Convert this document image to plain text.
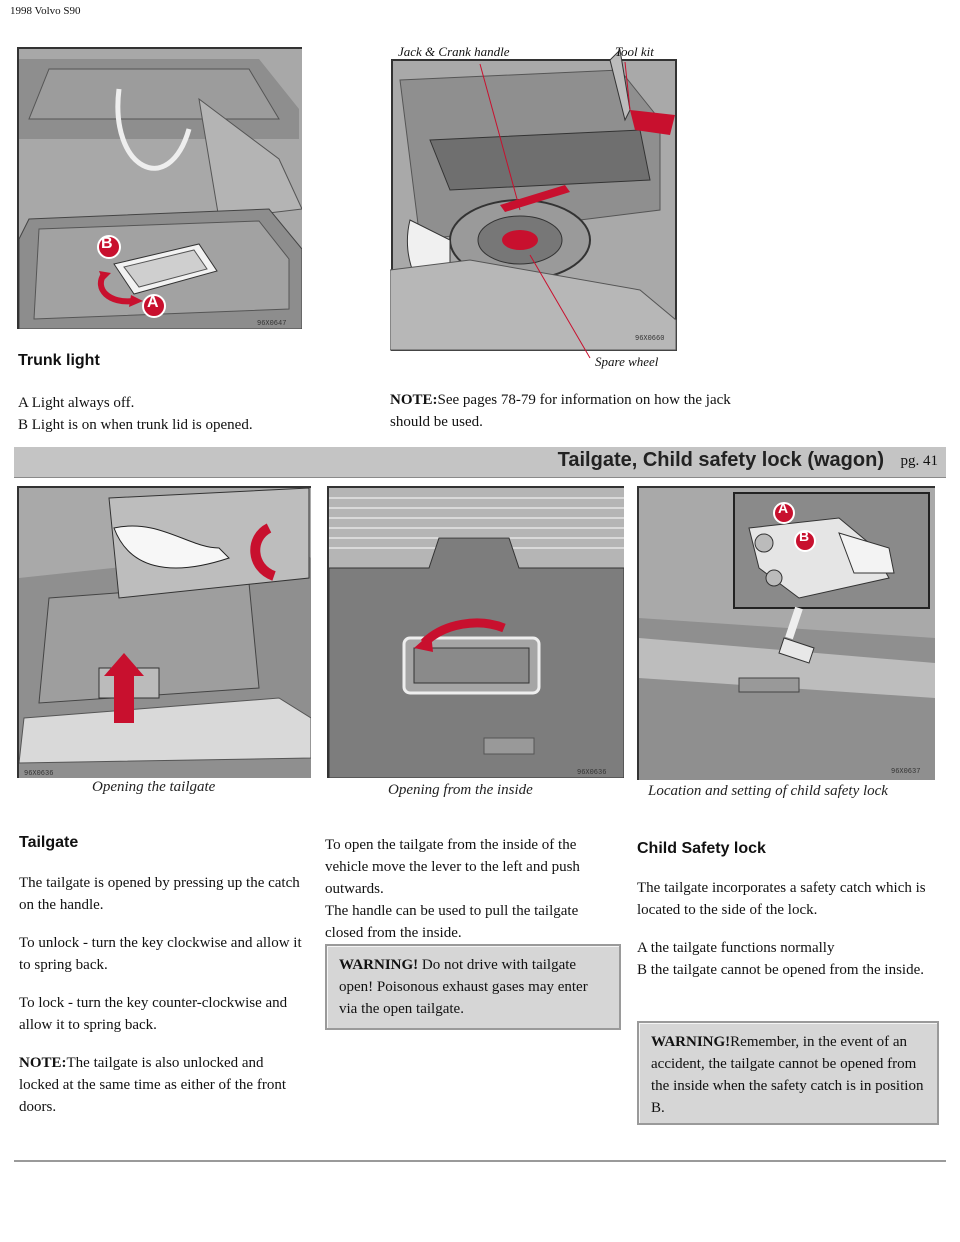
1998 Volvo S90
96X0647
B
A
Trunk light
A Light always off.
B Light is on when trunk lid is opened.
96X0660
Jack & Crank handle	Tool kit
Spare wheel
NOTE:See pages 78-79 for information on how the jack should be used.
Tailgate, Child safety lock (wagon) pg. 41
96X0636	96X0636	96X0637
A
B
Opening the tailgate	Opening from the inside	Location and setting of child safety lock
Tailgate
The tailgate is opened by pressing up the catch on the handle.
To unlock - turn the key clockwise and allow it to spring back.
To lock - turn the key counter-clockwise and allow it to spring back.
NOTE:The tailgate is also unlocked and locked at the same time as either of the front doors.
To open the tailgate from the inside of the vehicle move the lever to the left and push outwards.
The handle can be used to pull the tailgate closed from the inside.
WARNING! Do not drive with tailgate open! Poisonous exhaust gases may enter via the open tailgate.
Child Safety lock
The tailgate incorporates a safety catch which is located to the side of the lock.
A the tailgate functions normally
B the tailgate cannot be opened from the inside.
WARNING!Remember, in the event of an accident, the tailgate cannot be opened from the inside when the safety catch is in position B.
